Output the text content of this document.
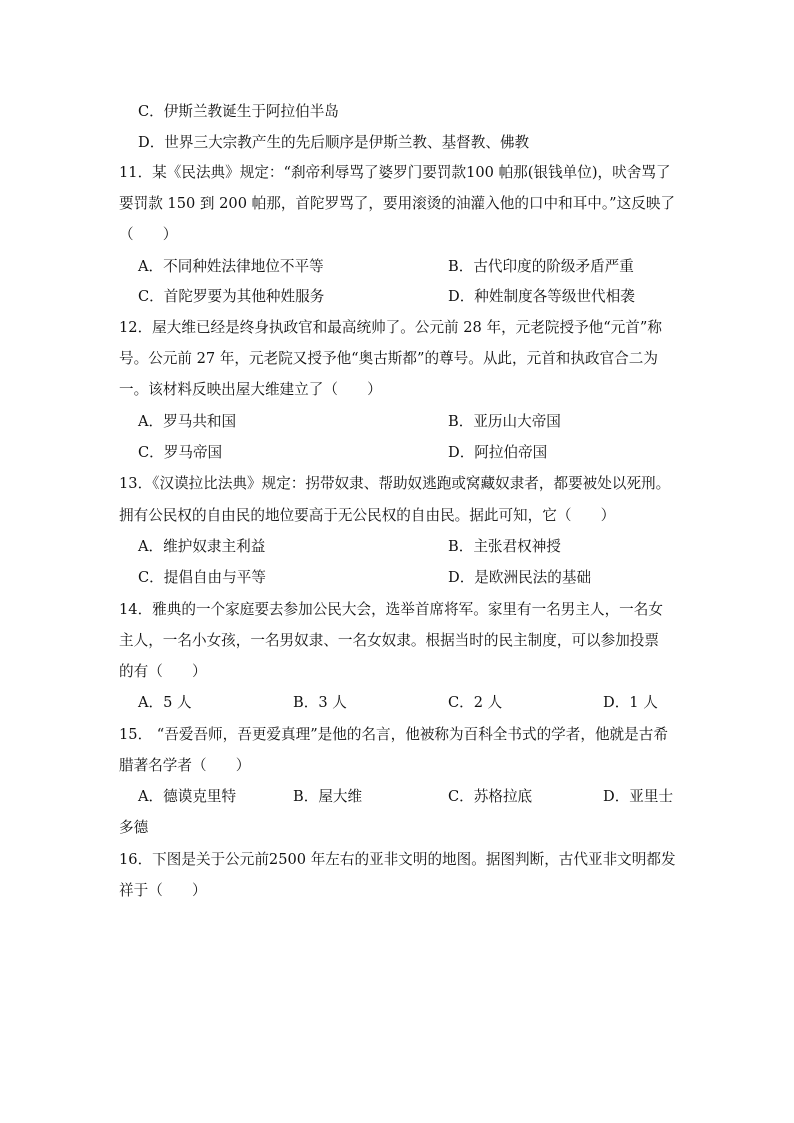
C．伊斯兰教诞生于阿拉伯半岛
D．世界三大宗教产生的先后顺序是伊斯兰教、基督教、佛教
11．某《民法典》规定：“刹帝利辱骂了婆罗门要罚款100 帕那(银钱单位)，吠舍骂了
要罚款 150 到 200 帕那，首陀罗骂了，要用滚烫的油灌入他的口中和耳中。”这反映了
（　　）
A．不同种姓法律地位不平等	B．古代印度的阶级矛盾严重
C．首陀罗要为其他种姓服务	D．种姓制度各等级世代相袭
12．屋大维已经是终身执政官和最高统帅了。公元前 28 年，元老院授予他“元首”称
号。公元前 27 年，元老院又授予他“奥古斯都”的尊号。从此，元首和执政官合二为
一。该材料反映出屋大维建立了（　　）
A．罗马共和国	B．亚历山大帝国
C．罗马帝国	D．阿拉伯帝国
13．《汉谟拉比法典》规定：拐带奴隶、帮助奴逃跑或窝藏奴隶者，都要被处以死刑。
拥有公民权的自由民的地位要高于无公民权的自由民。据此可知，它（　　）
A．维护奴隶主利益	B．主张君权神授
C．提倡自由与平等	D．是欧洲民法的基础
14．雅典的一个家庭要去参加公民大会，选举首席将军。家里有一名男主人，一名女
主人，一名小女孩，一名男奴隶、一名女奴隶。根据当时的民主制度，可以参加投票
的有（　　）
A．5 人	B．3 人	C．2 人	D．1 人
15． “吾爱吾师，吾更爱真理”是他的名言，他被称为百科全书式的学者，他就是古希
腊著名学者（　　）
A．德谟克里特	B．屋大维	C．苏格拉底	D．亚里士
多德
16．下图是关于公元前2500 年左右的亚非文明的地图。据图判断，古代亚非文明都发
祥于（　　）
